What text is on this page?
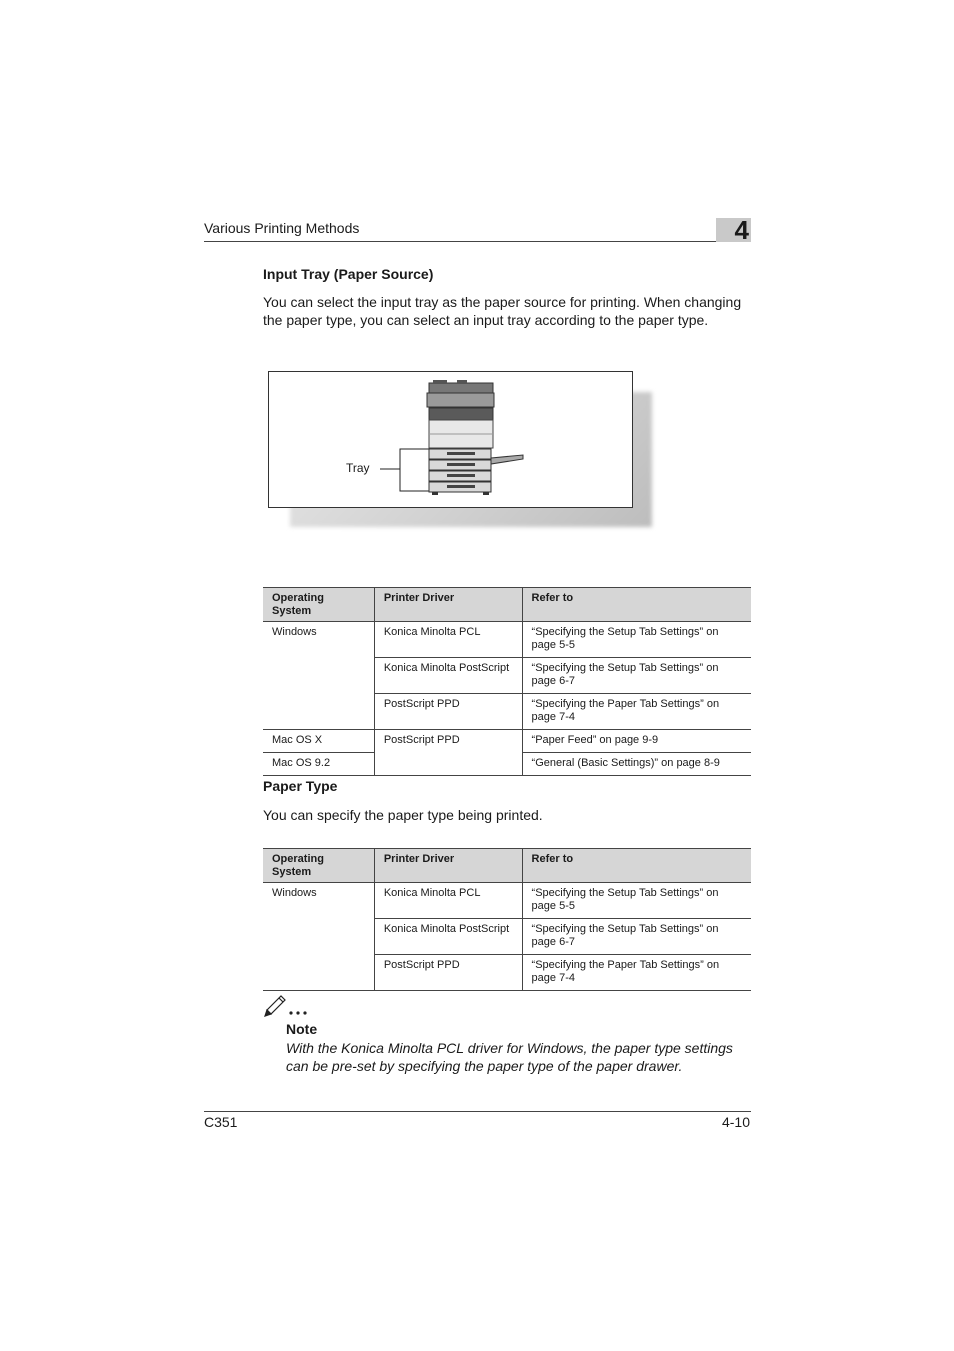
Various Printing Methods	4
Input Tray (Paper Source)

You can select the input tray as the paper source for printing. When changing the paper type, you can select an input tray according to the paper type.

Tray
Operating System	Printer Driver	Refer to
Windows	Konica Minolta PCL	“Specifying the Setup Tab Settings” on page 5-5
	Konica Minolta PostScript	“Specifying the Setup Tab Settings” on page 6-7
	PostScript PPD	“Specifying the Paper Tab Settings” on page 7-4
Mac OS X	PostScript PPD	“Paper Feed” on page 9-9
Mac OS 9.2		“General (Basic Settings)” on page 8-9
Paper Type

You can specify the paper type being printed.

Operating System	Printer Driver	Refer to
Windows	Konica Minolta PCL	“Specifying the Setup Tab Settings” on page 5-5
	Konica Minolta PostScript	“Specifying the Setup Tab Settings” on page 6-7
	PostScript PPD	“Specifying the Paper Tab Settings” on page 7-4
Note
With the Konica Minolta PCL driver for Windows, the paper type settings can be pre-set by specifying the paper type of the paper drawer.
C351	4-10
